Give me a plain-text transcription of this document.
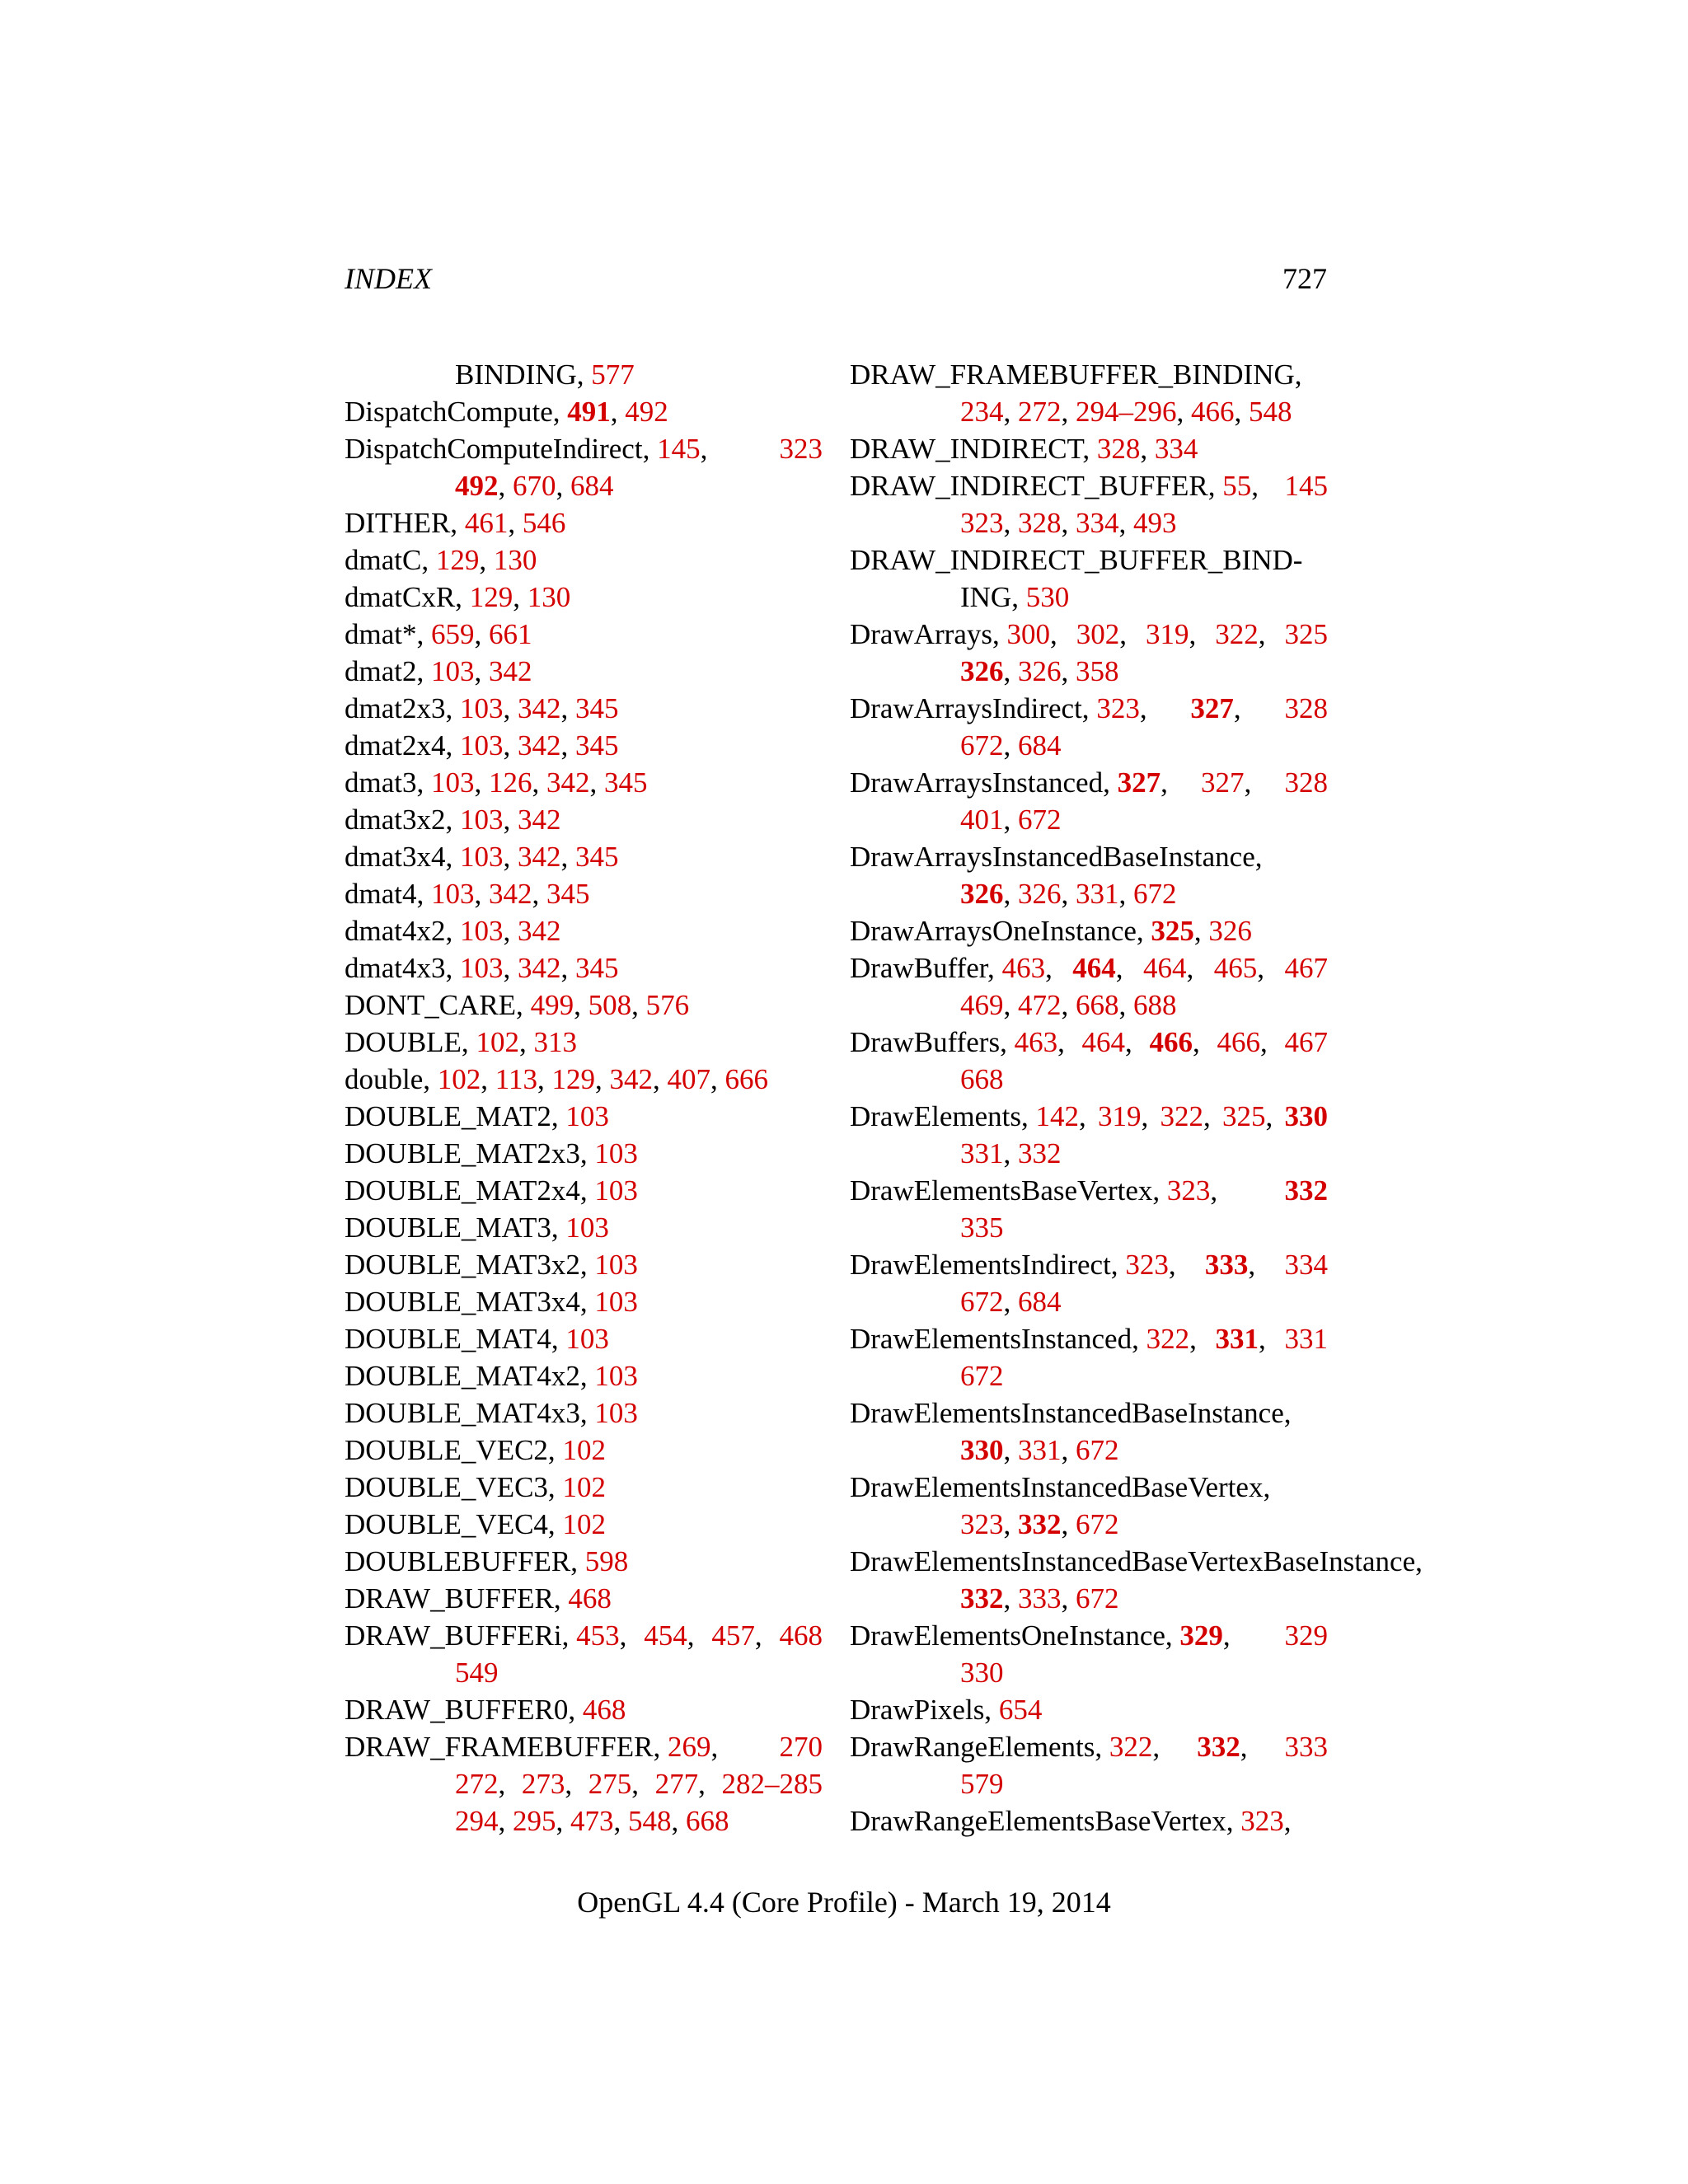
INDEX	727
BINDING, 577
DispatchCompute, 491, 492
DispatchComputeIndirect, 145, 323
492, 670, 684
DITHER, 461, 546
dmatC, 129, 130
dmatCxR, 129, 130
dmat*, 659, 661
dmat2, 103, 342
dmat2x3, 103, 342, 345
dmat2x4, 103, 342, 345
dmat3, 103, 126, 342, 345
dmat3x2, 103, 342
dmat3x4, 103, 342, 345
dmat4, 103, 342, 345
dmat4x2, 103, 342
dmat4x3, 103, 342, 345
DONT_CARE, 499, 508, 576
DOUBLE, 102, 313
double, 102, 113, 129, 342, 407, 666
DOUBLE_MAT2, 103
DOUBLE_MAT2x3, 103
DOUBLE_MAT2x4, 103
DOUBLE_MAT3, 103
DOUBLE_MAT3x2, 103
DOUBLE_MAT3x4, 103
DOUBLE_MAT4, 103
DOUBLE_MAT4x2, 103
DOUBLE_MAT4x3, 103
DOUBLE_VEC2, 102
DOUBLE_VEC3, 102
DOUBLE_VEC4, 102
DOUBLEBUFFER, 598
DRAW_BUFFER, 468
DRAW_BUFFERi, 453, 454, 457, 468
549
DRAW_BUFFER0, 468
DRAW_FRAMEBUFFER, 269, 270
272, 273, 275, 277, 282–285
294, 295, 473, 548, 668
DRAW_FRAMEBUFFER_BINDING,
234, 272, 294–296, 466, 548
DRAW_INDIRECT, 328, 334
DRAW_INDIRECT_BUFFER, 55, 145
323, 328, 334, 493
DRAW_INDIRECT_BUFFER_BIND-
ING, 530
DrawArrays, 300, 302, 319, 322, 325
326, 326, 358
DrawArraysIndirect, 323, 327, 328
672, 684
DrawArraysInstanced, 327, 327, 328
401, 672
DrawArraysInstancedBaseInstance,
326, 326, 331, 672
DrawArraysOneInstance, 325, 326
DrawBuffer, 463, 464, 464, 465, 467
469, 472, 668, 688
DrawBuffers, 463, 464, 466, 466, 467
668
DrawElements, 142, 319, 322, 325, 330
331, 332
DrawElementsBaseVertex, 323, 332
335
DrawElementsIndirect, 323, 333, 334
672, 684
DrawElementsInstanced, 322, 331, 331
672
DrawElementsInstancedBaseInstance,
330, 331, 672
DrawElementsInstancedBaseVertex,
323, 332, 672
DrawElementsInstancedBaseVertexBaseInstance,
332, 333, 672
DrawElementsOneInstance, 329, 329
330
DrawPixels, 654
DrawRangeElements, 322, 332, 333
579
DrawRangeElementsBaseVertex, 323,
OpenGL 4.4 (Core Profile) - March 19, 2014
